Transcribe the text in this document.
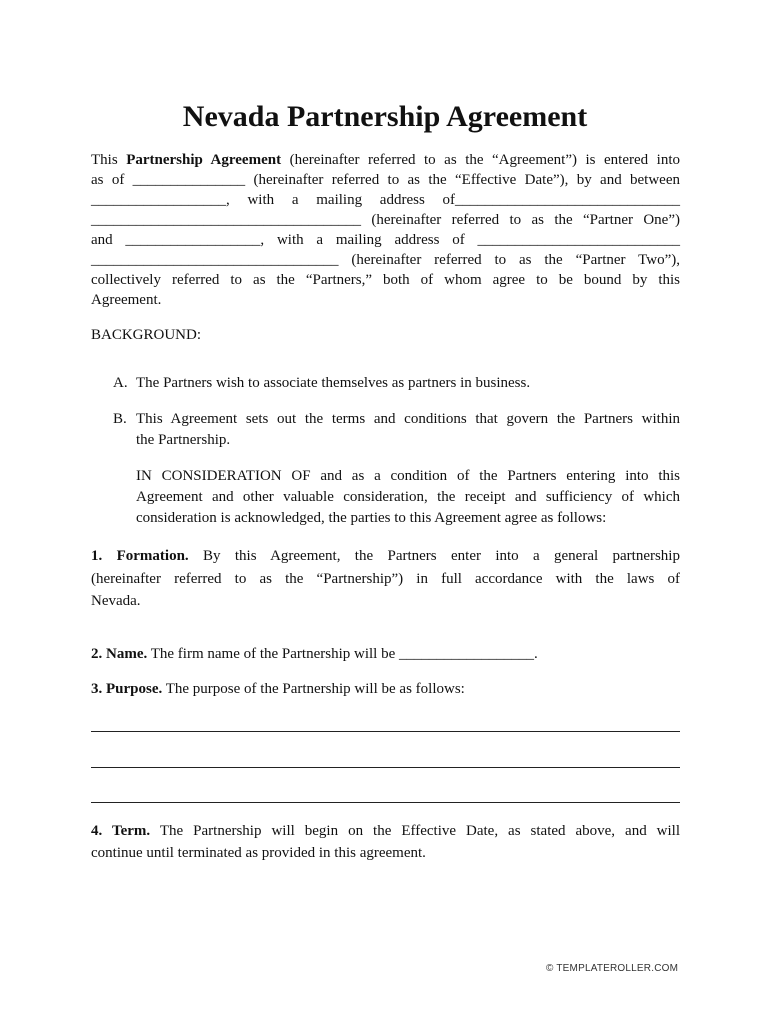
Nevada Partnership Agreement
This Partnership Agreement (hereinafter referred to as the “Agreement”) is entered into
as of _______________ (hereinafter referred to as the “Effective Date”), by and between
__________________, with a mailing address of______________________________
____________________________________ (hereinafter referred to as the “Partner One”)
and __________________, with a mailing address of ___________________________
_________________________________ (hereinafter referred to as the “Partner Two”),
collectively referred to as the “Partners,” both of whom agree to be bound by this
Agreement.
BACKGROUND:
A. The Partners wish to associate themselves as partners in business.
B. This Agreement sets out the terms and conditions that govern the Partners within
the Partnership.
IN CONSIDERATION OF and as a condition of the Partners entering into this
Agreement and other valuable consideration, the receipt and sufficiency of which
consideration is acknowledged, the parties to this Agreement agree as follows:
1. Formation. By this Agreement, the Partners enter into a general partnership
(hereinafter referred to as the “Partnership”) in full accordance with the laws of
Nevada.
2. Name. The firm name of the Partnership will be __________________.
3. Purpose. The purpose of the Partnership will be as follows:
4. Term. The Partnership will begin on the Effective Date, as stated above, and will
continue until terminated as provided in this agreement.
© TEMPLATEROLLER.COM
